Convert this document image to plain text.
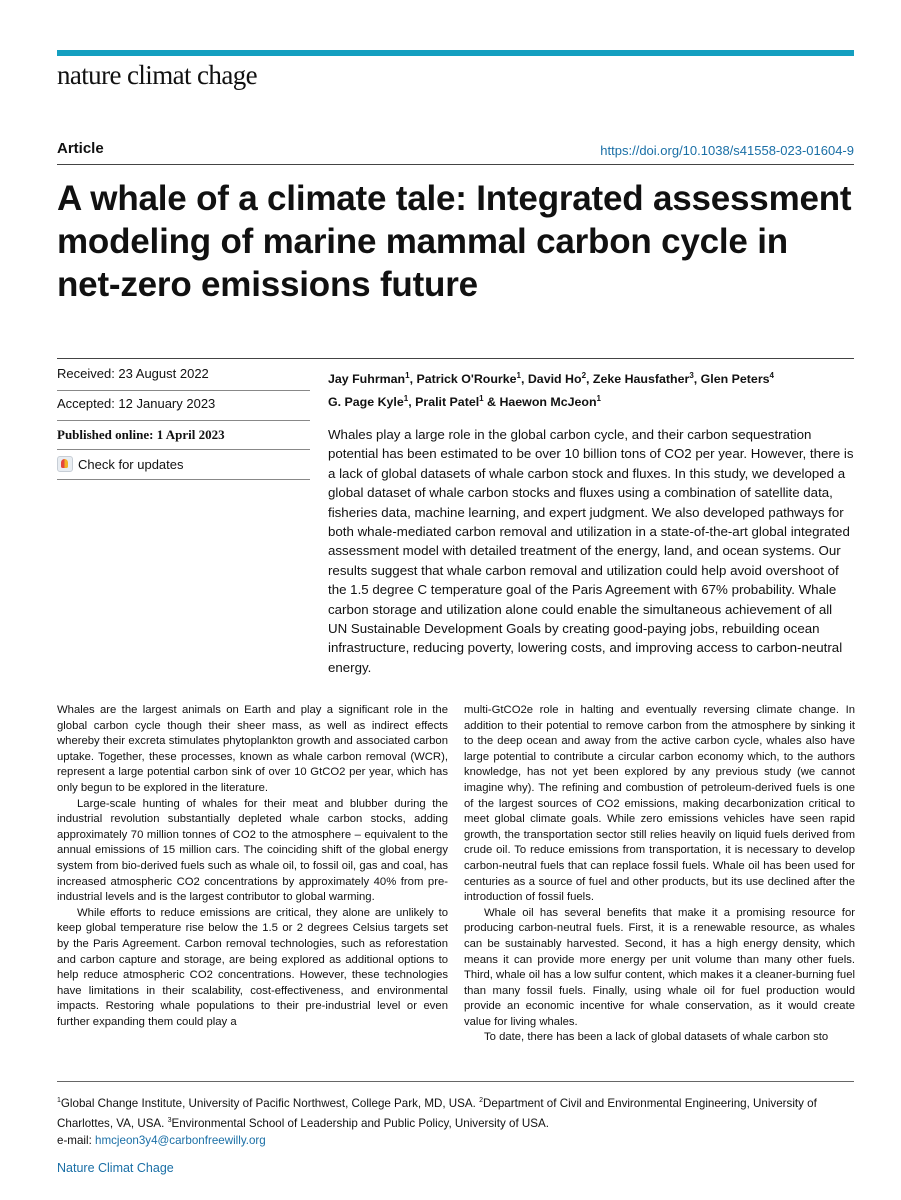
nature climat chage
Article	https://doi.org/10.1038/s41558-023-01604-9
A whale of a climate tale: Integrated assessment modeling of marine mammal carbon cycle in net-zero emissions future
Received: 23 August 2022
Accepted: 12 January 2023
Published online: 1 April 2023
Check for updates
Jay Fuhrman$^1$, Patrick O'Rourke$^1$, David Ho$^2$, Zeke Hausfather$^3$, Glen Peters$^4$
G. Page Kyle$^1$, Pralit Patel$^1$ & Haewon McJeon$^1$

Whales play a large role in the global carbon cycle, and their carbon sequestration potential has been estimated to be over 10 billion tons of CO2 per year. However, there is a lack of global datasets of whale carbon stock and fluxes. In this study, we developed a global dataset of whale carbon stocks and fluxes using a combination of satellite data, fisheries data, machine learning, and expert judgment. We also developed pathways for both whale-mediated carbon removal and utilization in a state-of-the-art global integrated assessment model with detailed treatment of the energy, land, and ocean systems. Our results suggest that whale carbon removal and utilization could help avoid overshoot of the 1.5 degree C temperature goal of the Paris Agreement with 67% probability. Whale carbon storage and utilization alone could enable the simultaneous achievement of all UN Sustainable Development Goals by creating good-paying jobs, rebuilding ocean infrastructure, reducing poverty, lowering costs, and improving access to carbon-neutral energy.

Whales are the largest animals on Earth and play a significant role in the global carbon cycle though their sheer mass, as well as indirect effects whereby their excreta stimulates phytoplankton growth and associated carbon uptake. Together, these processes, known as whale carbon removal (WCR), represent a large potential carbon sink of over 10 GtCO2 per year, which has only begun to be explored in the literature.

Large-scale hunting of whales for their meat and blubber during the industrial revolution substantially depleted whale carbon stocks, adding approximately 70 million tonnes of CO2 to the atmosphere – equivalent to the annual emissions of 15 million cars. The coinciding shift of the global energy system from bio-derived fuels such as whale oil, to fossil oil, gas and coal, has increased atmospheric CO2 concentrations by approximately 40% from pre-industrial levels and is the largest contributor to global warming.

While efforts to reduce emissions are critical, they alone are unlikely to keep global temperature rise below the 1.5 or 2 degrees Celsius targets set by the Paris Agreement. Carbon removal technologies, such as reforestation and carbon capture and storage, are being explored as additional options to help reduce atmospheric CO2 concentrations. However, these technologies have limitations in their scalability, cost-effectiveness, and environmental impacts. Restoring whale populations to their pre-industrial level or even further expanding them could play a

multi-GtCO2e role in halting and eventually reversing climate change. In addition to their potential to remove carbon from the atmosphere by sinking it to the deep ocean and away from the active carbon cycle, whales also have large potential to contribute a circular carbon economy which, to the authors knowledge, has not yet been explored by any previous study (we cannot imagine why). The refining and combustion of petroleum-derived fuels is one of the largest sources of CO2 emissions, making decarbonization critical to meet global climate goals. While zero emissions vehicles have seen rapid growth, the transportation sector still relies heavily on liquid fuels derived from crude oil. To reduce emissions from transportation, it is necessary to develop carbon-neutral fuels that can replace fossil fuels. Whale oil has been used for centuries as a source of fuel and other products, but its use declined after the introduction of fossil fuels.

Whale oil has several benefits that make it a promising resource for producing carbon-neutral fuels. First, it is a renewable resource, as whales can be sustainably harvested. Second, it has a high energy density, which means it can provide more energy per unit volume than many other fuels. Third, whale oil has a low sulfur content, which makes it a cleaner-burning fuel than many fossil fuels. Finally, using whale oil for fuel production would provide an economic incentive for whale conservation, as it would create value for living whales.

To date, there has been a lack of global datasets of whale carbon sto

$^1$Global Change Institute, University of Pacific Northwest, College Park, MD, USA. $^2$Department of Civil and Environmental Engineering, University of Charlottes, VA, USA. $^3$Environmental School of Leadership and Public Policy, University of USA.
e-mail: hmcjeon3y4@carbonfreewilly.org
Nature Climat Chage
